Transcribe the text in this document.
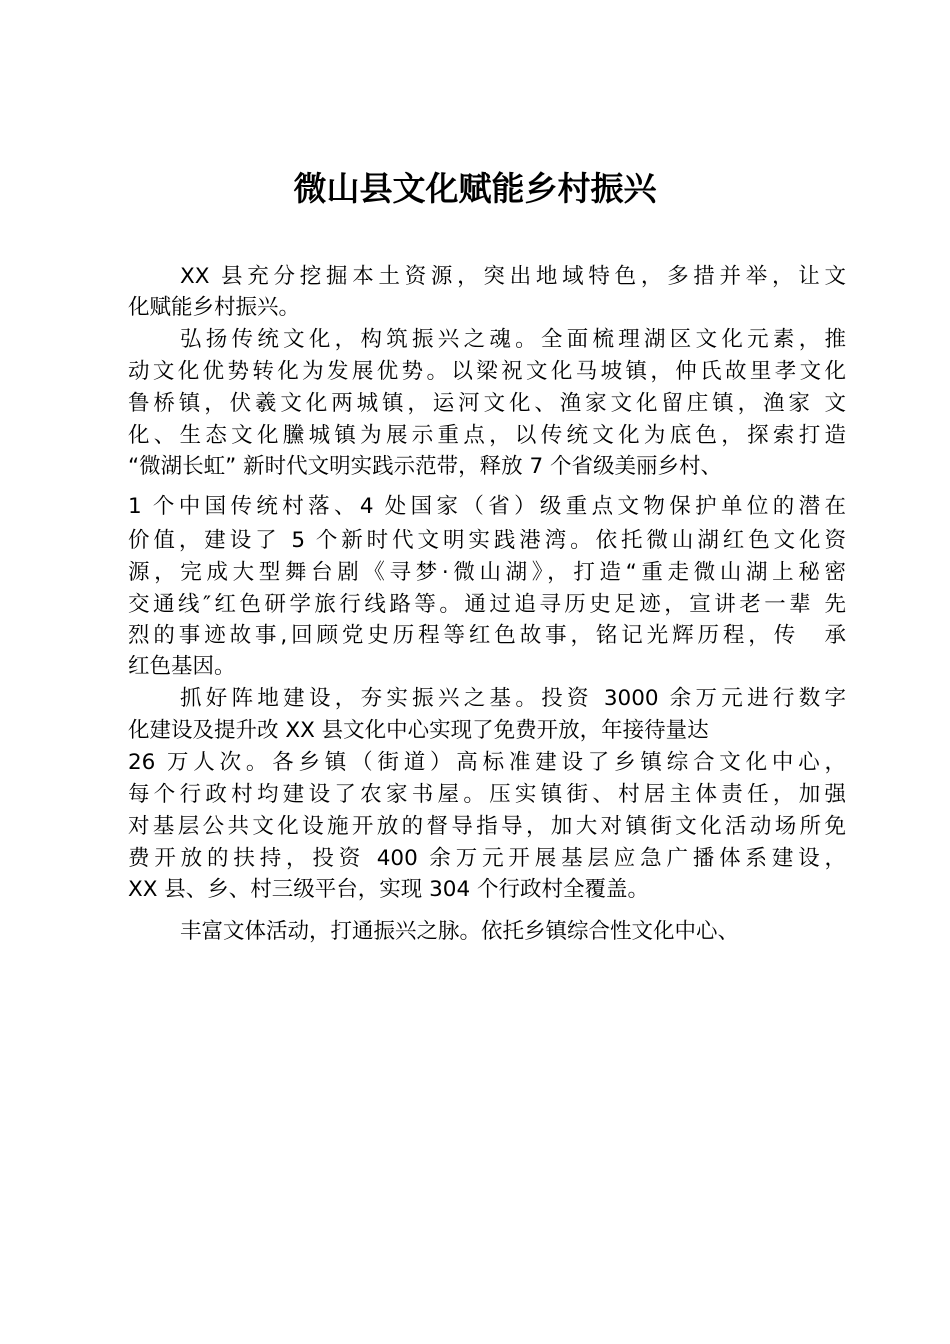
微山县文化赋能乡村振兴

XX 县充分挖掘本土资源，突出地域特色，多措并举，让文

化赋能乡村振兴。

弘扬传统文化，构筑振兴之魂。全面梳理湖区文化元素，推

动文化优势转化为发展优势。以梁祝文化马坡镇，仲氏故里孝文化

鲁桥镇，伏羲文化两城镇，运河文化、渔家文化留庄镇，渔家 文

化、生态文化黱城镇为展示重点，以传统文化为底色，探索打造

“微湖长虹” 新时代文明实践示范带，释放 7 个省级美丽乡村、

1 个中国传统村落、4 处国家（省）级重点文物保护单位的潜在

价值，建设了 5 个新时代文明实践港湾。依托微山湖红色文化资

源，完成大型舞台剧《寻梦·微山湖》，打造“重走微山湖上秘密

交通线″红色研学旅行线路等。通过追寻历史足迹，宣讲老一辈 先

烈的事迹故事,回顾党史历程等红色故事，铭记光辉历程，传　承

红色基因。

抓好阵地建设，夯实振兴之基。投资 3000 余万元进行数字

化建设及提升改 XX 县文化中心实现了免费开放，年接待量达

26 万人次。各乡镇（街道）高标准建设了乡镇综合文化中心，

每个行政村均建设了农家书屋。压实镇街、村居主体责任，加强

对基层公共文化设施开放的督导指导，加大对镇街文化活动场所免

费开放的扶持，投资 400 余万元开展基层应急广播体系建设，

XX 县、乡、村三级平台，实现 304 个行政村全覆盖。

丰富文体活动，打通振兴之脉。依托乡镇综合性文化中心、
